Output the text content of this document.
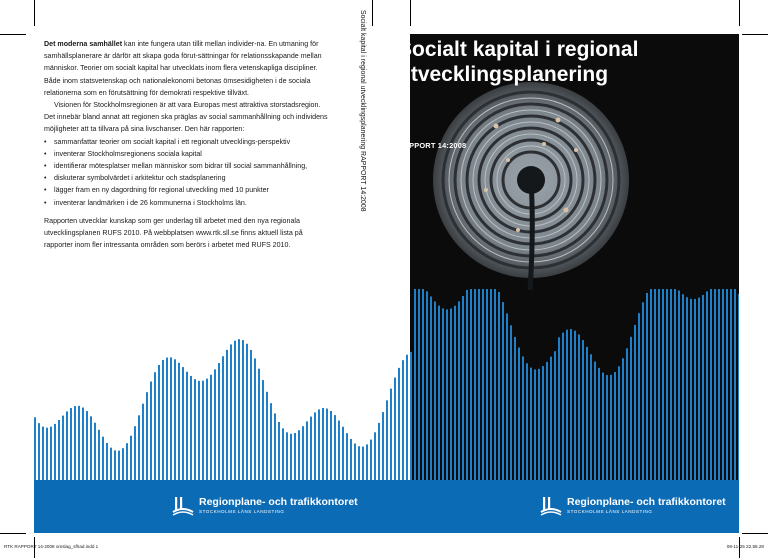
Det moderna samhället kan inte fungera utan tillit mellan individer-na. En utmaning för samhällsplanerare är därför att skapa goda förut-sättningar för relationsskapande mellan människor. Teorier om socialt kapital har utvecklats inom flera vetenskapliga discipliner. Både inom statsvetenskap och nationalekonomi betonas ömsesidigheten i de sociala relationerna som en förutsättning för demokrati respektive tillväxt.

Visionen för Stockholmsregionen är att vara Europas mest attraktiva storstadsregion. Det innebär bland annat att regionen ska präglas av social sammanhållning och individens möjligheter att ta tillvara på sina livschanser. Den här rapporten:

• sammanfattar teorier om socialt kapital i ett regionalt utvecklings-perspektiv
• inventerar Stockholmsregionens sociala kapital
• identifierar mötesplatser mellan människor som bidrar till social sammanhållning,
• diskuterar symbolvärdet i arkitektur och stadsplanering
• lägger fram en ny dagordning för regional utveckling med 10 punkter
• inventerar landmärken i de 26 kommunerna i Stockholms län.

Rapporten utvecklar kunskap som ger underlag till arbetet med den nya regionala utvecklingsplanen RUFS 2010. På webbplatsen www.rtk.sll.se finns aktuell lista på rapporter inom fler intressanta områden som berörs i arbetet med RUFS 2010.

ISSN 1104-6104
ISBN 978-91-85795-23-9
Socialt kapital i regional utvecklingsplanering RAPPORT 14:2008 Socialt kapital i regional utvecklingsplanering
RAPPORT 14:2008
Regionplane- och trafikkontoret
STOCKHOLMS LÄNS LANDSTING
Regionplane- och trafikkontoret
STOCKHOLMS LÄNS LANDSTING
RTK RAPPORT 14-2008 omslag_sflrad.indd 1	08-11-25 22.58.28
